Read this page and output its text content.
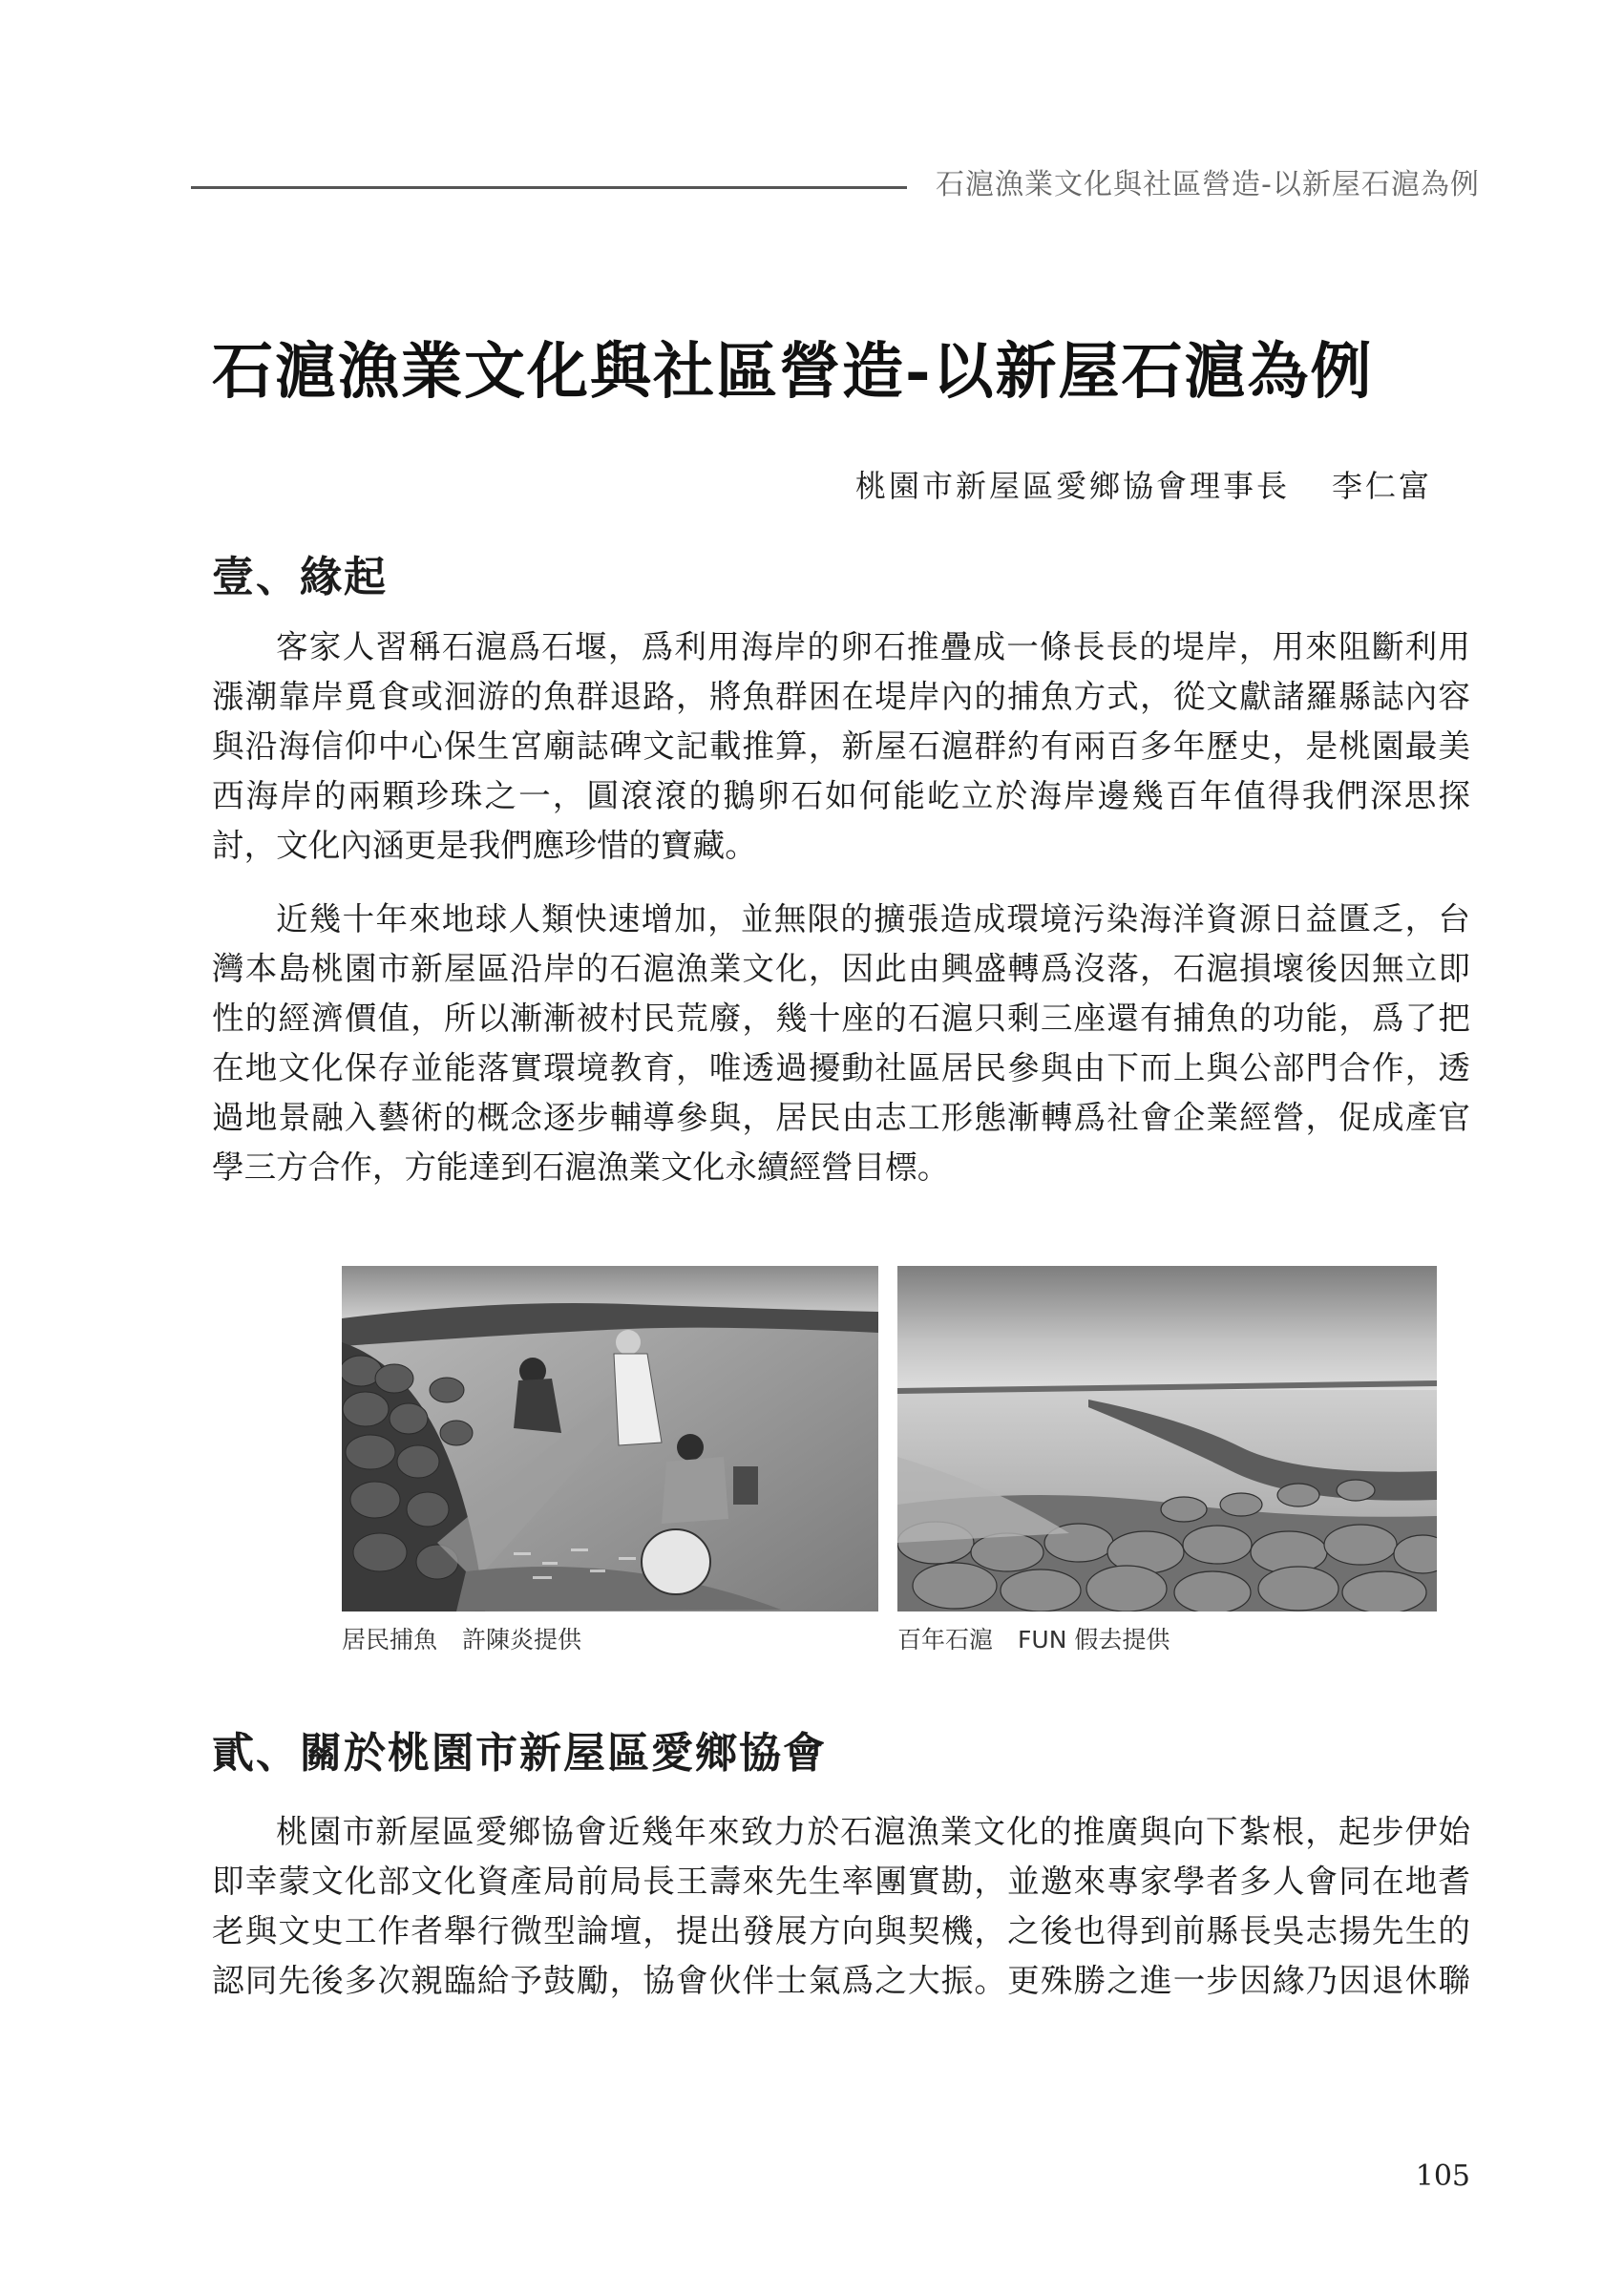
石滬漁業文化與社區營造-以新屋石滬為例
石滬漁業文化與社區營造-以新屋石滬為例
桃園市新屋區愛鄉協會理事長 李仁富
壹、緣起

客家人習稱石滬爲石堰，爲利用海岸的卵石推疊成一條長長的堤岸，用來阻斷利用
漲潮靠岸覓食或洄游的魚群退路，將魚群困在堤岸內的捕魚方式，從文獻諸羅縣誌內容
與沿海信仰中心保生宮廟誌碑文記載推算，新屋石滬群約有兩百多年歷史，是桃園最美
西海岸的兩顆珍珠之一，圓滾滾的鵝卵石如何能屹立於海岸邊幾百年值得我們深思探
討，文化內涵更是我們應珍惜的寶藏。

近幾十年來地球人類快速增加，並無限的擴張造成環境污染海洋資源日益匱乏，台
灣本島桃園市新屋區沿岸的石滬漁業文化，因此由興盛轉爲沒落，石滬損壞後因無立即
性的經濟價值，所以漸漸被村民荒廢，幾十座的石滬只剩三座還有捕魚的功能，爲了把
在地文化保存並能落實環境教育，唯透過擾動社區居民參與由下而上與公部門合作，透
過地景融入藝術的概念逐步輔導參與，居民由志工形態漸轉爲社會企業經營，促成產官
學三方合作，方能達到石滬漁業文化永續經營目標。

居民捕魚 許陳炎提供	百年石滬 FUN 假去提供
貳、關於桃園市新屋區愛鄉協會

桃園市新屋區愛鄉協會近幾年來致力於石滬漁業文化的推廣與向下紮根，起步伊始
即幸蒙文化部文化資產局前局長王壽來先生率團實勘，並邀來專家學者多人會同在地耆
老與文史工作者舉行微型論壇，提出發展方向與契機，之後也得到前縣長吳志揚先生的
認同先後多次親臨給予鼓勵，協會伙伴士氣爲之大振。更殊勝之進一步因緣乃因退休聯

105
